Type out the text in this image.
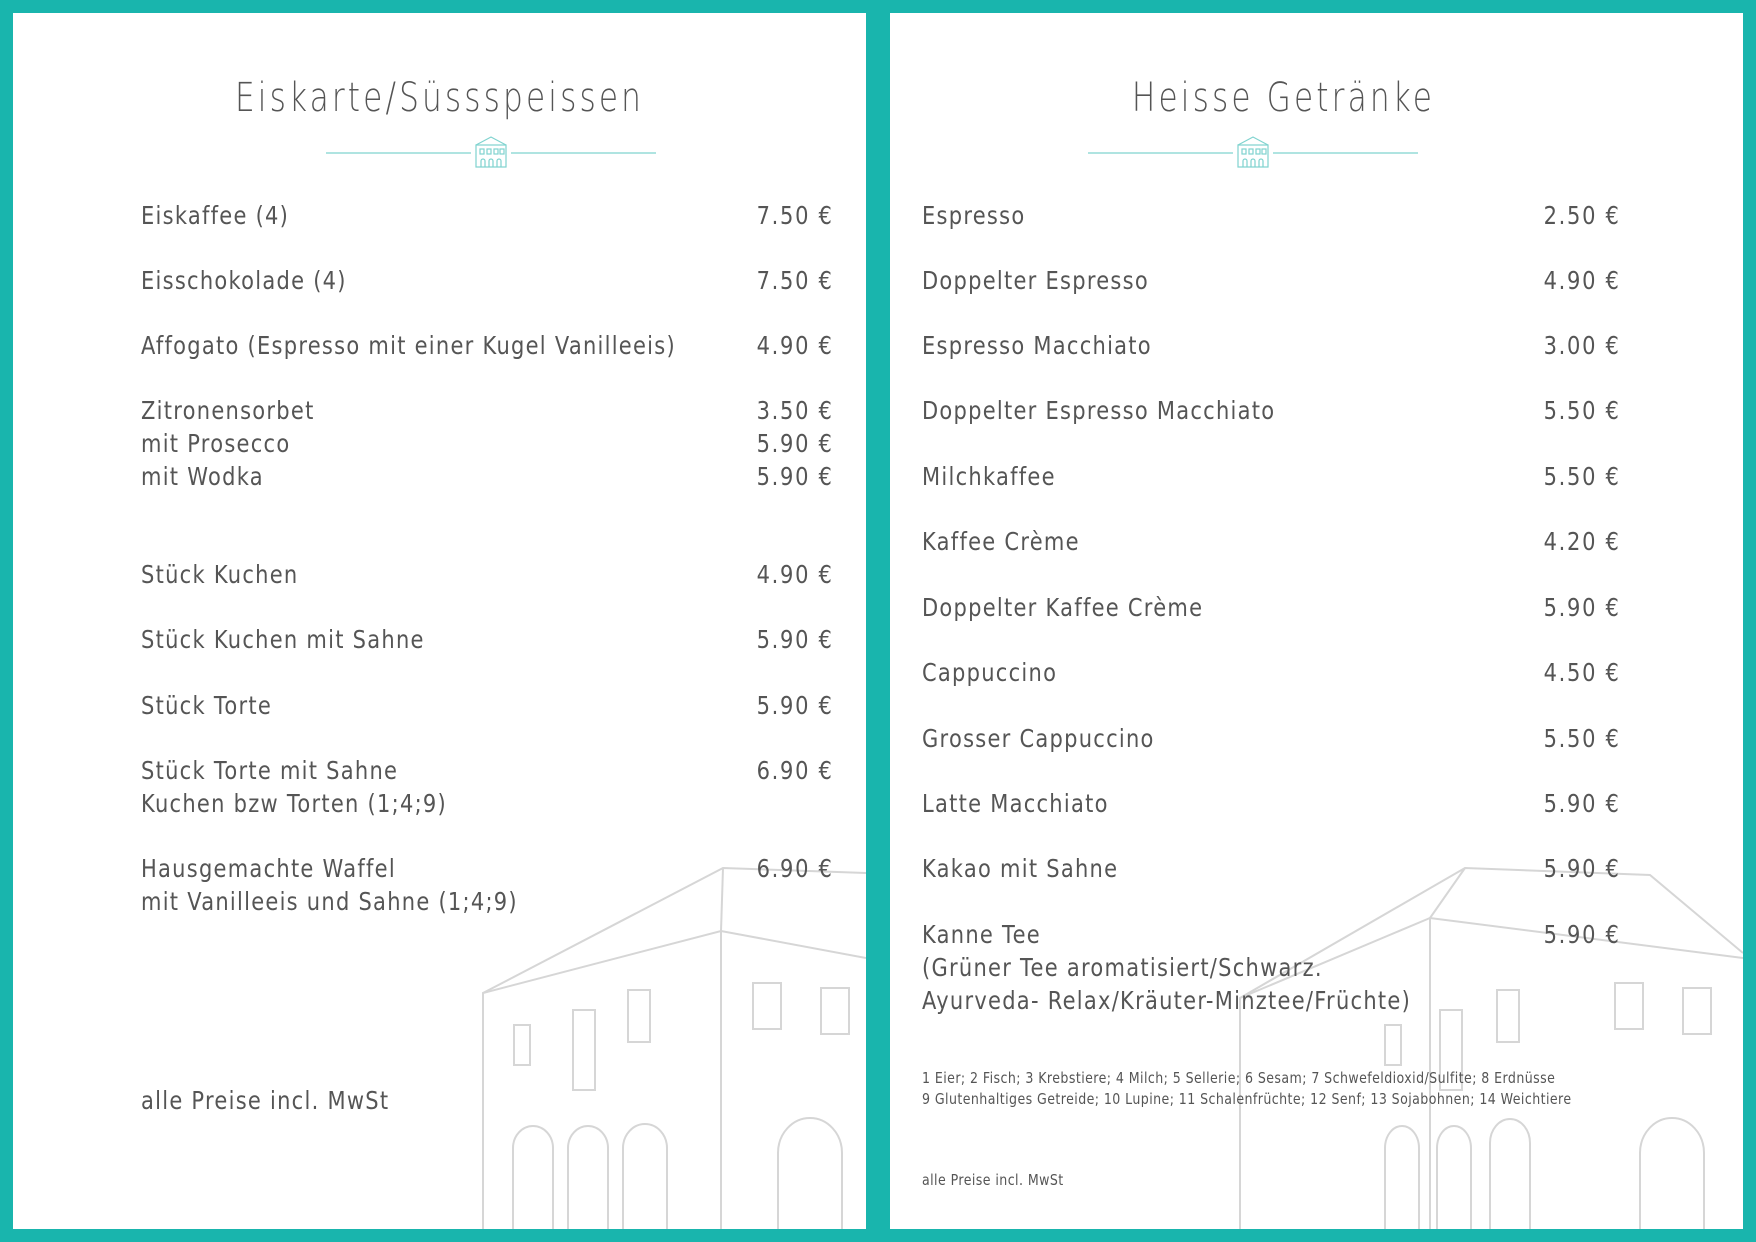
Eiskarte/Süssspeissen
Eiskaffee (4)	7.50 €
Eisschokolade (4)	7.50 €
Affogato (Espresso mit einer Kugel Vanilleeis)	4.90 €
Zitronensorbet	3.50 €
mit Prosecco	5.90 €
mit Wodka	5.90 €
Stück Kuchen	4.90 €
Stück Kuchen mit Sahne	5.90 €
Stück Torte	5.90 €
Stück Torte mit Sahne	6.90 €
Kuchen bzw Torten (1;4;9)
Hausgemachte Waffel	6.90 €
mit Vanilleeis und Sahne (1;4;9)
alle Preise incl. MwSt
Heisse Getränke
Espresso	2.50 €
Doppelter Espresso	4.90 €
Espresso Macchiato	3.00 €
Doppelter Espresso Macchiato	5.50 €
Milchkaffee	5.50 €
Kaffee Crème	4.20 €
Doppelter Kaffee Crème	5.90 €
Cappuccino	4.50 €
Grosser Cappuccino	5.50 €
Latte Macchiato	5.90 €
Kakao mit Sahne	5.90 €
Kanne Tee	5.90 €
(Grüner Tee aromatisiert/Schwarz.
Ayurveda- Relax/Kräuter-Minztee/Früchte)
1 Eier; 2 Fisch; 3 Krebstiere; 4 Milch; 5 Sellerie; 6 Sesam; 7 Schwefeldioxid/Sulfite; 8 Erdnüsse
9 Glutenhaltiges Getreide; 10 Lupine; 11 Schalenfrüchte; 12 Senf; 13 Sojabohnen; 14 Weichtiere
alle Preise incl. MwSt
